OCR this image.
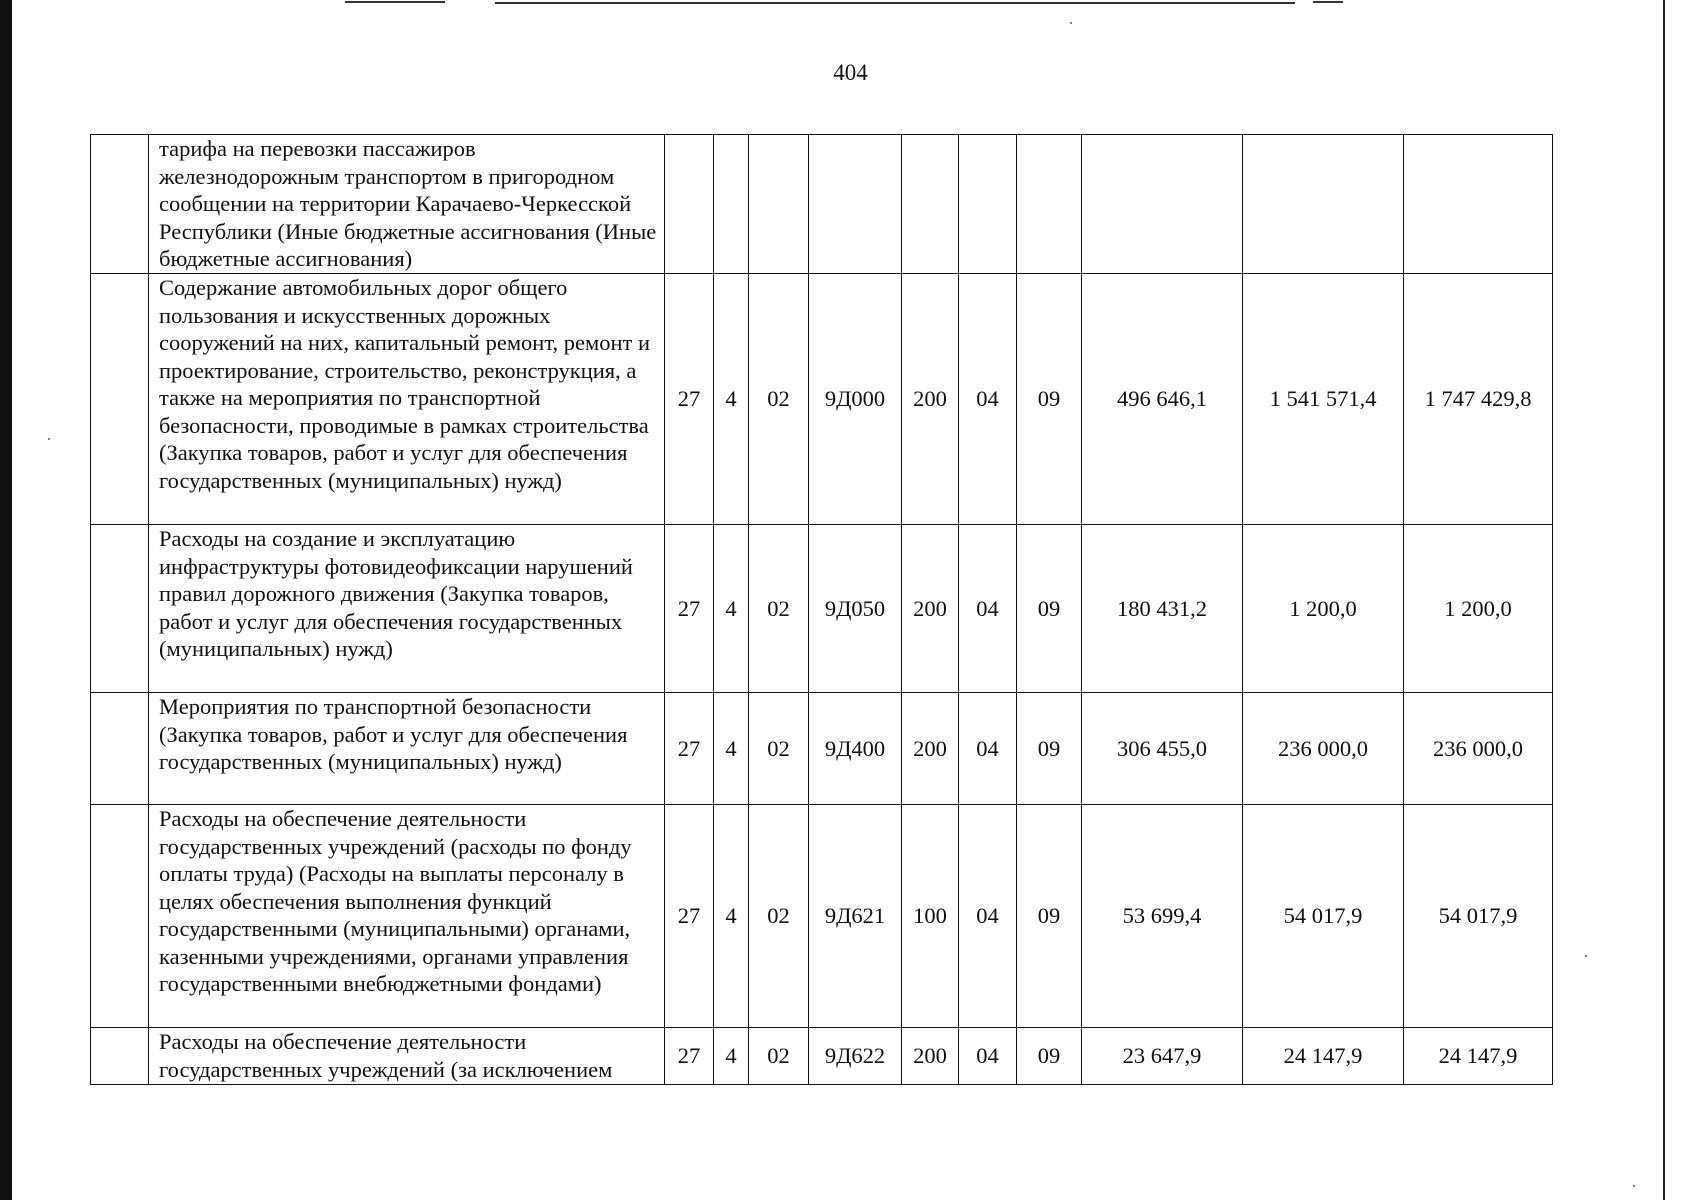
404
	тарифа на перевозки пассажиров железнодорожным транспортом в пригородном сообщении на территории Карачаево-Черкесской Республики (Иные бюджетные ассигнования (Иные бюджетные ассигнования)										
	Содержание автомобильных дорог общего пользования и искусственных дорожных сооружений на них, капитальный ремонт, ремонт и проектирование, строительство, реконструкция, а также на мероприятия по транспортной безопасности, проводимые в рамках строительства (Закупка товаров, работ и услуг для обеспечения государственных (муниципальных) нужд)	27	4	02	9Д000	200	04	09	496 646,1	1 541 571,4	1 747 429,8
	Расходы на создание и эксплуатацию инфраструктуры фотовидеофиксации нарушений правил дорожного движения (Закупка товаров, работ и услуг для обеспечения государственных (муниципальных) нужд)	27	4	02	9Д050	200	04	09	180 431,2	1 200,0	1 200,0
	Мероприятия по транспортной безопасности (Закупка товаров, работ и услуг для обеспечения государственных (муниципальных) нужд)	27	4	02	9Д400	200	04	09	306 455,0	236 000,0	236 000,0
	Расходы на обеспечение деятельности государственных учреждений (расходы по фонду оплаты труда) (Расходы на выплаты персоналу в целях обеспечения выполнения функций государственными (муниципальными) органами, казенными учреждениями, органами управления государственными внебюджетными фондами)	27	4	02	9Д621	100	04	09	53 699,4	54 017,9	54 017,9
	Расходы на обеспечение деятельности государственных учреждений (за исключением	27	4	02	9Д622	200	04	09	23 647,9	24 147,9	24 147,9
